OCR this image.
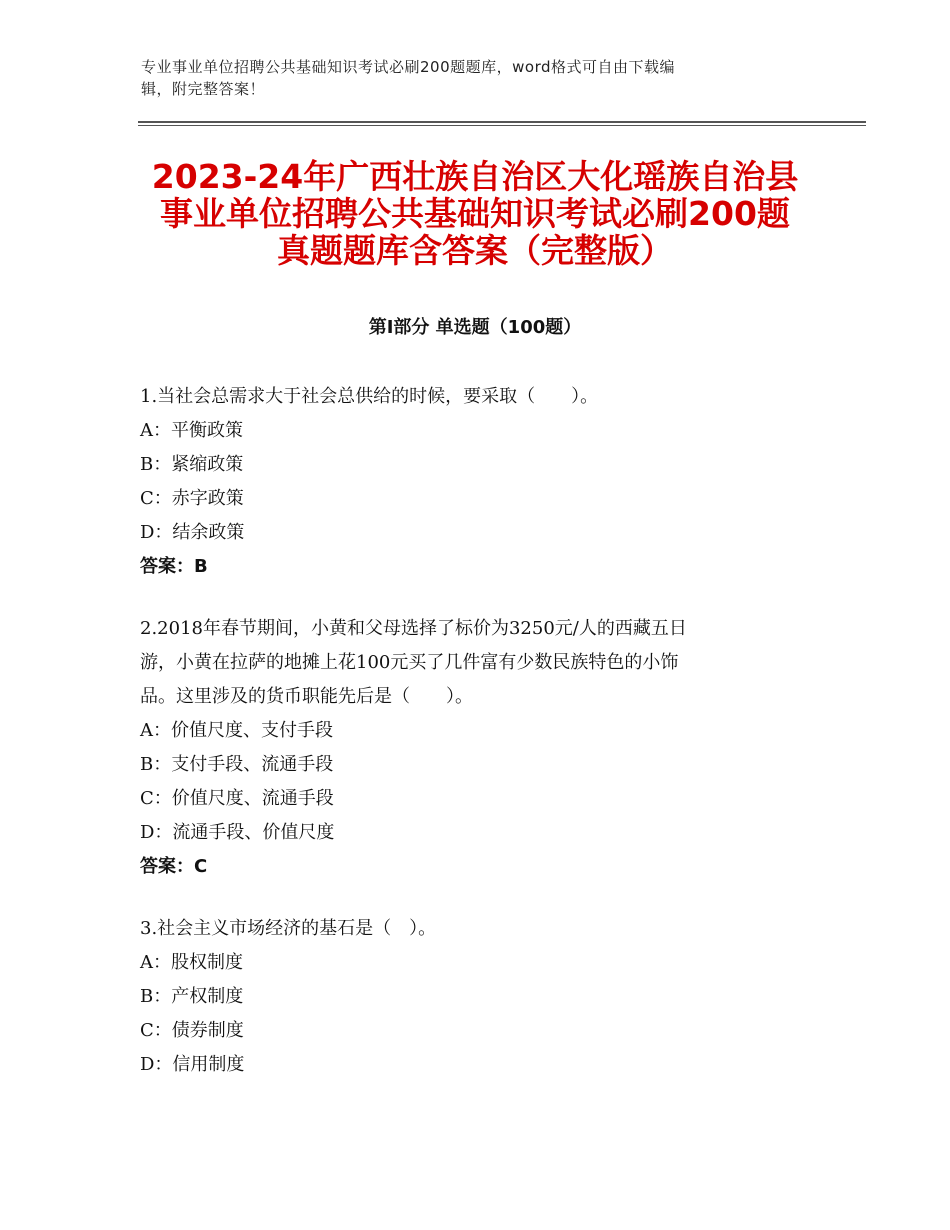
专业事业单位招聘公共基础知识考试必刷200题题库，word格式可自由下载编
辑，附完整答案！
2023-24年广西壮族自治区大化瑶族自治县
事业单位招聘公共基础知识考试必刷200题
真题题库含答案（完整版）
第Ⅰ部分 单选题（100题）
1.当社会总需求大于社会总供给的时候，要采取（　　）。
A：平衡政策
B：紧缩政策
C：赤字政策
D：结余政策
答案：B
2.2018年春节期间，小黄和父母选择了标价为3250元/人的西藏五日
游，小黄在拉萨的地摊上花100元买了几件富有少数民族特色的小饰
品。这里涉及的货币职能先后是（　　）。
A：价值尺度、支付手段
B：支付手段、流通手段
C：价值尺度、流通手段
D：流通手段、价值尺度
答案：C
3.社会主义市场经济的基石是（　）。
A：股权制度
B：产权制度
C：债券制度
D：信用制度
